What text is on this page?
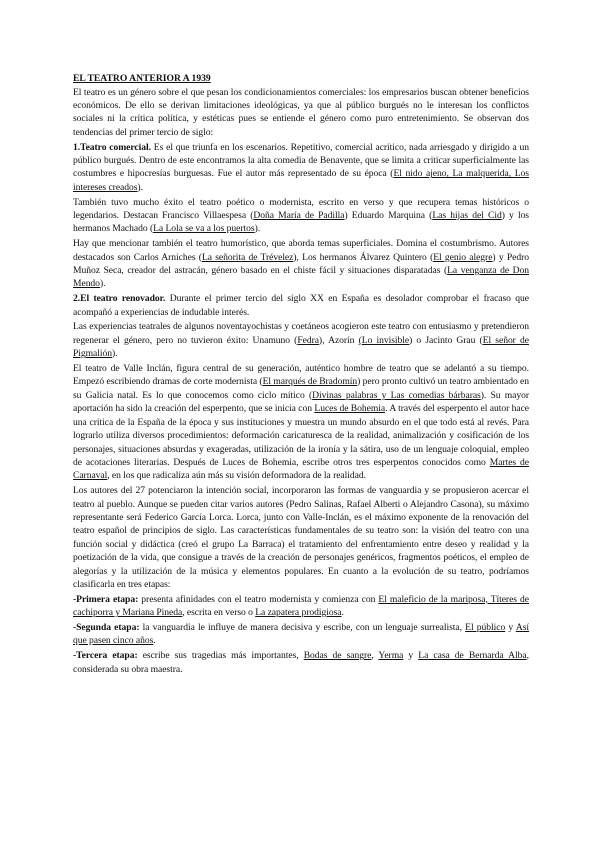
EL TEATRO ANTERIOR A 1939

El teatro es un género sobre el que pesan los condicionamientos comerciales: los empresarios buscan obtener beneficios económicos. De ello se derivan limitaciones ideológicas, ya que al público burgués no le interesan los conflictos sociales ni la crítica política, y estéticas pues se entiende el género como puro entretenimiento. Se observan dos tendencias del primer tercio de siglo:

1.Teatro comercial. Es el que triunfa en los escenarios. Repetitivo, comercial acrítico, nada arriesgado y dirigido a un público burgués. Dentro de este encontramos la alta comedia de Benavente, que se limita a criticar superficialmente las costumbres e hipocresías burguesas. Fue el autor más representado de su época (El nido ajeno, La malquerida, Los intereses creados).

También tuvo mucho éxito el teatro poético o modernista, escrito en verso y que recupera temas históricos o legendarios. Destacan Francisco Villaespesa (Doña María de Padilla) Eduardo Marquina (Las hijas del Cid) y los hermanos Machado (La Lola se va a los puertos).

Hay que mencionar también el teatro humorístico, que aborda temas superficiales. Domina el costumbrismo. Autores destacados son Carlos Arniches (La señorita de Trévelez), Los hermanos Álvarez Quintero (El genio alegre) y Pedro Muñoz Seca, creador del astracán, género basado en el chiste fácil y situaciones disparatadas (La venganza de Don Mendo).

2.El teatro renovador. Durante el primer tercio del siglo XX en España es desolador comprobar el fracaso que acompañó a experiencias de indudable interés.

Las experiencias teatrales de algunos noventayochistas y coetáneos acogieron este teatro con entusiasmo y pretendieron regenerar el género, pero no tuvieron éxito: Unamuno (Fedra), Azorín (Lo invisible) o Jacinto Grau (El señor de Pigmalión).

El teatro de Valle Inclán, figura central de su generación, auténtico hombre de teatro que se adelantó a su tiempo. Empezó escribiendo dramas de corte modernista (El marqués de Bradomín) pero pronto cultivó un teatro ambientado en su Galicia natal. Es lo que conocemos como ciclo mítico (Divinas palabras y Las comedias bárbaras). Su mayor aportación ha sido la creación del esperpento, que se inicia con Luces de Bohemia. A través del esperpento el autor hace una crítica de la España de la época y sus instituciones y muestra un mundo absurdo en el que todo está al revés. Para lograrlo utiliza diversos procedimientos: deformación caricaturesca de la realidad, animalización y cosificación de los personajes, situaciones absurdas y exageradas, utilización de la ironía y la sátira, uso de un lenguaje coloquial, empleo de acotaciones literarias. Después de Luces de Bohemia, escribe otros tres esperpentos conocidos como Martes de Carnaval, en los que radicaliza aún más su visión deformadora de la realidad.

Los autores del 27 potenciaron la intención social, incorporaron las formas de vanguardia y se propusieron acercar el teatro al pueblo. Aunque se pueden citar varios autores (Pedro Salinas, Rafael Alberti o Alejandro Casona), su máximo representante será Federico García Lorca. Lorca, junto con Valle-Inclán, es el máximo exponente de la renovación del teatro español de principios de siglo. Las características fundamentales de su teatro son: la visión del teatro con una función social y didáctica (creó el grupo La Barraca) el tratamiento del enfrentamiento entre deseo y realidad y la poetización de la vida, que consigue a través de la creación de personajes genéricos, fragmentos poéticos, el empleo de alegorías y la utilización de la música y elementos populares. En cuanto a la evolución de su teatro, podríamos clasificarla en tres etapas:

-Primera etapa: presenta afinidades con el teatro modernista y comienza con El maleficio de la mariposa, Títeres de cachiporra y Mariana Pineda, escrita en verso o La zapatera prodigiosa.

-Segunda etapa: la vanguardia le influye de manera decisiva y escribe, con un lenguaje surrealista, El público y Así que pasen cinco años.

-Tercera etapa: escribe sus tragedias más importantes, Bodas de sangre, Yerma y La casa de Bernarda Alba, considerada su obra maestra.
